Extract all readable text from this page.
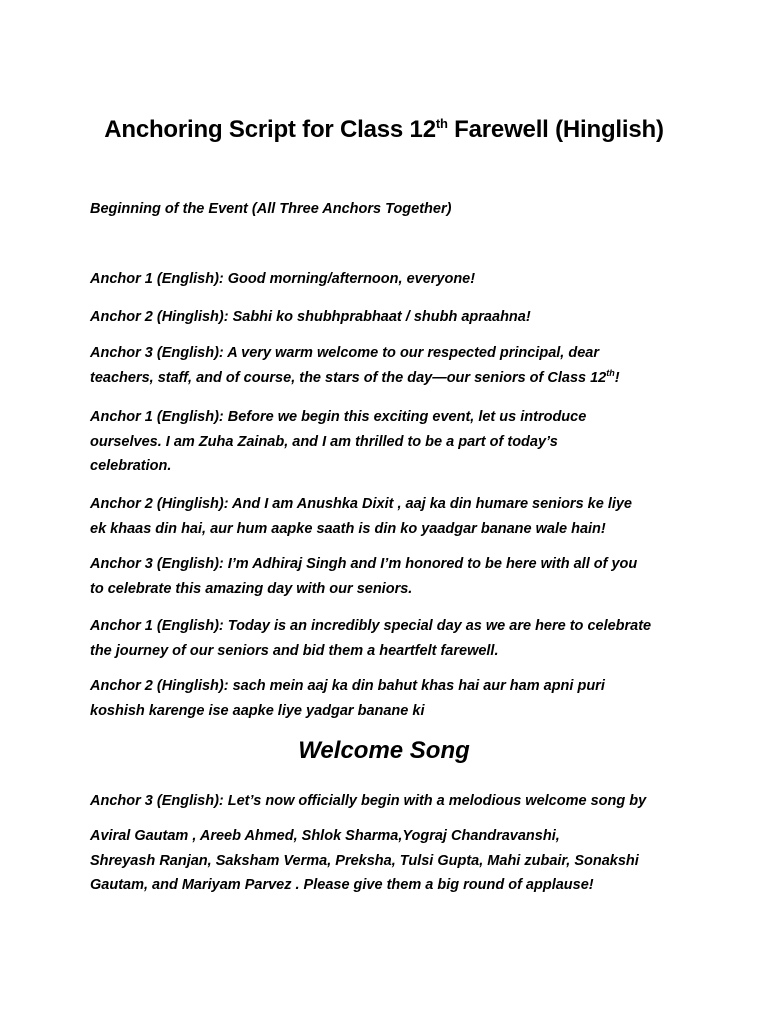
Anchoring Script for Class 12th Farewell (Hinglish)
Beginning of the Event (All Three Anchors Together)

Anchor 1 (English): Good morning/afternoon, everyone!

Anchor 2 (Hinglish): Sabhi ko shubhprabhaat / shubh apraahna!

Anchor 3 (English): A very warm welcome to our respected principal, dear
teachers, staff, and of course, the stars of the day—our seniors of Class 12th!

Anchor 1 (English): Before we begin this exciting event, let us introduce
ourselves. I am Zuha Zainab, and I am thrilled to be a part of today’s
celebration.

Anchor 2 (Hinglish): And I am Anushka Dixit , aaj ka din humare seniors ke liye
ek khaas din hai, aur hum aapke saath is din ko yaadgar banane wale hain!

Anchor 3 (English): I’m Adhiraj Singh and I’m honored to be here with all of you
to celebrate this amazing day with our seniors.

Anchor 1 (English): Today is an incredibly special day as we are here to celebrate
the journey of our seniors and bid them a heartfelt farewell.

Anchor 2 (Hinglish): sach mein aaj ka din bahut khas hai aur ham apni puri
koshish karenge ise aapke liye yadgar banane ki

Welcome Song

Anchor 3 (English): Let’s now officially begin with a melodious welcome song by

Aviral Gautam , Areeb Ahmed, Shlok Sharma,Yograj Chandravanshi,
Shreyash Ranjan, Saksham Verma, Preksha, Tulsi Gupta, Mahi zubair, Sonakshi
Gautam, and Mariyam Parvez . Please give them a big round of applause!
